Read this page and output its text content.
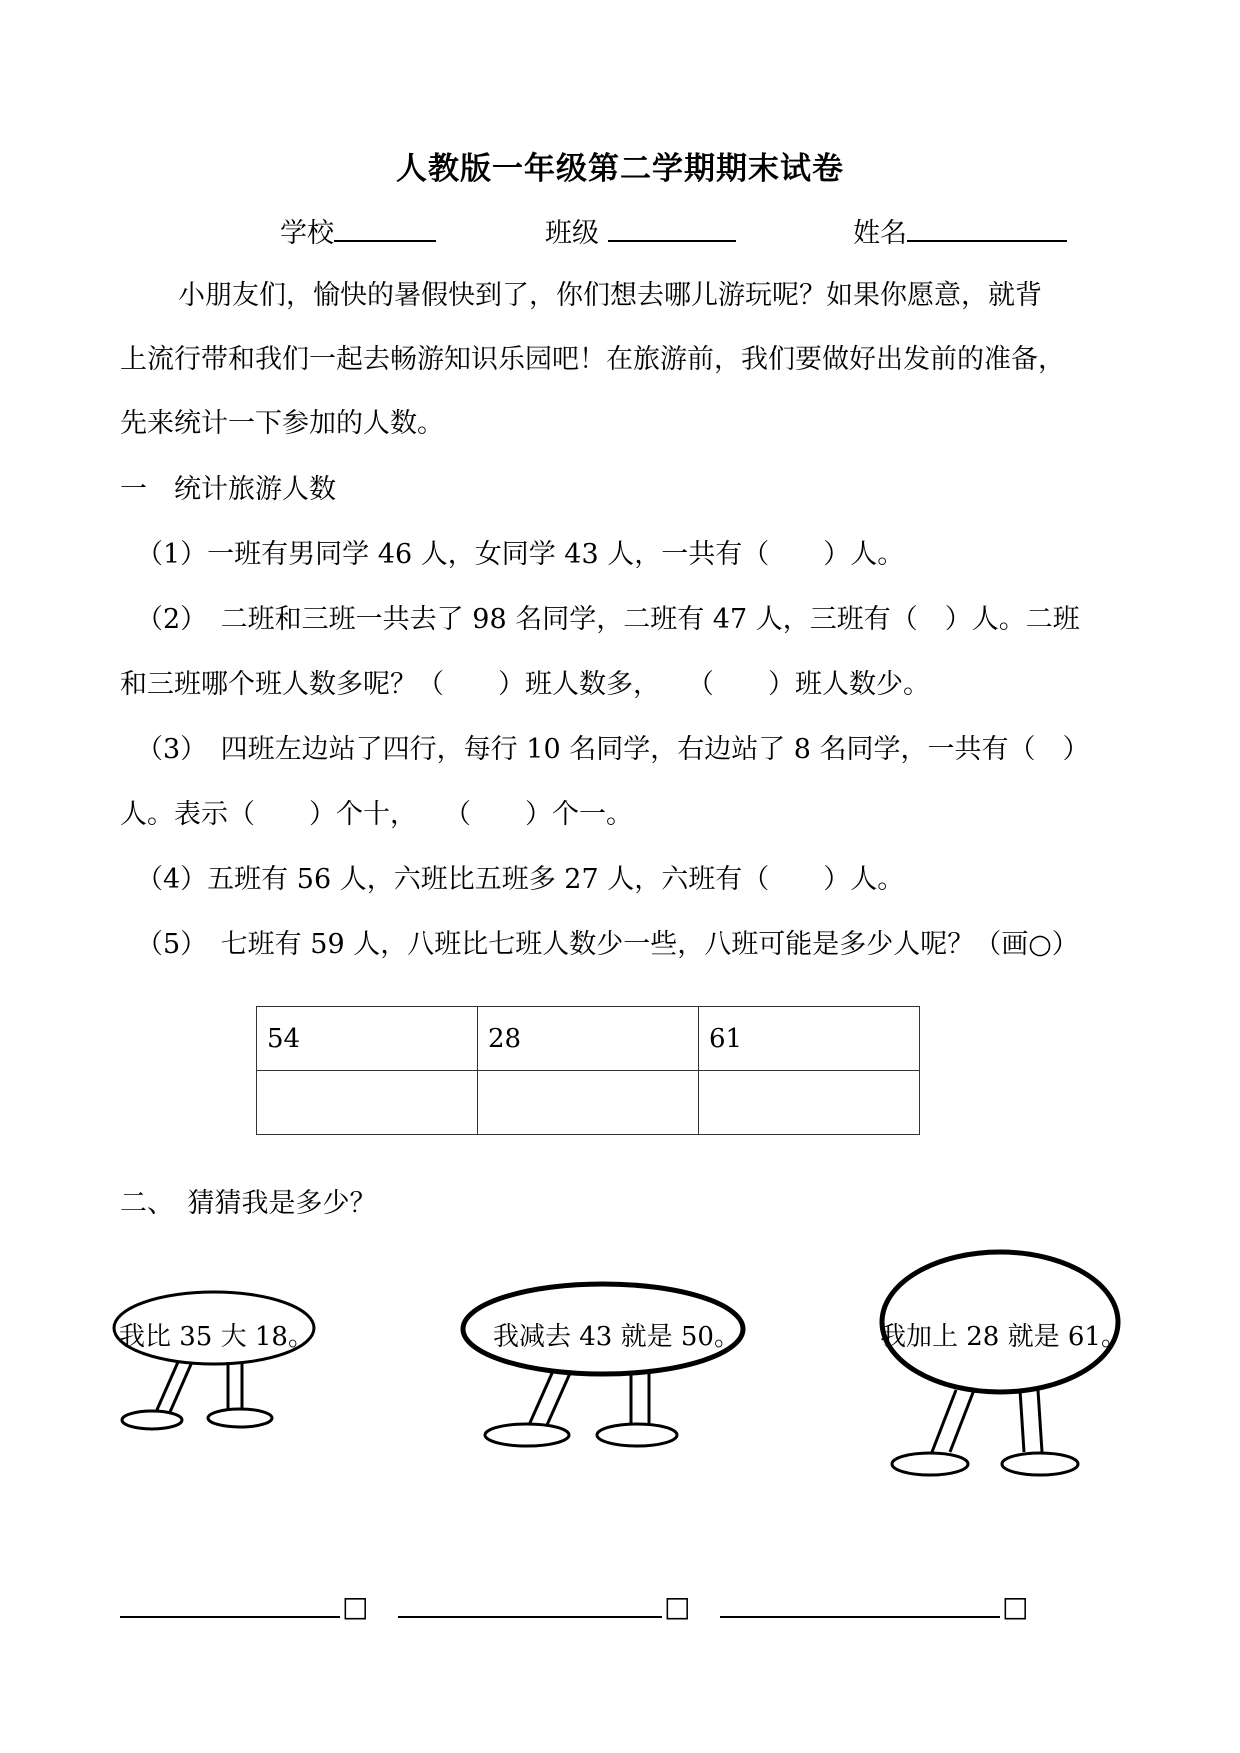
人教版一年级第二学期期末试卷
学校	班级	姓名
小朋友们，愉快的暑假快到了，你们想去哪儿游玩呢？如果你愿意，就背
上流行带和我们一起去畅游知识乐园吧！在旅游前，我们要做好出发前的准备，
先来统计一下参加的人数。
一　统计旅游人数
（1）一班有男同学 46 人，女同学 43 人，一共有（　　）人。
（2）　二班和三班一共去了 98 名同学，二班有 47 人，三班有（　）人。二班
和三班哪个班人数多呢？（　　）班人数多，　　（　　）班人数少。
（3）　四班左边站了四行，每行 10 名同学，右边站了 8 名同学，一共有（　）
人。表示（　　）个十，　　（　　）个一。
（4）五班有 56 人，六班比五班多 27 人，六班有（　　）人。
（5）　七班有 59 人，八班比七班人数少一些，八班可能是多少人呢？（画○）
54	28	61

二、　猜猜我是多少？
我比 35 大 18。	我减去 43 就是 50。	我加上 28 就是 61。
□	□	□
